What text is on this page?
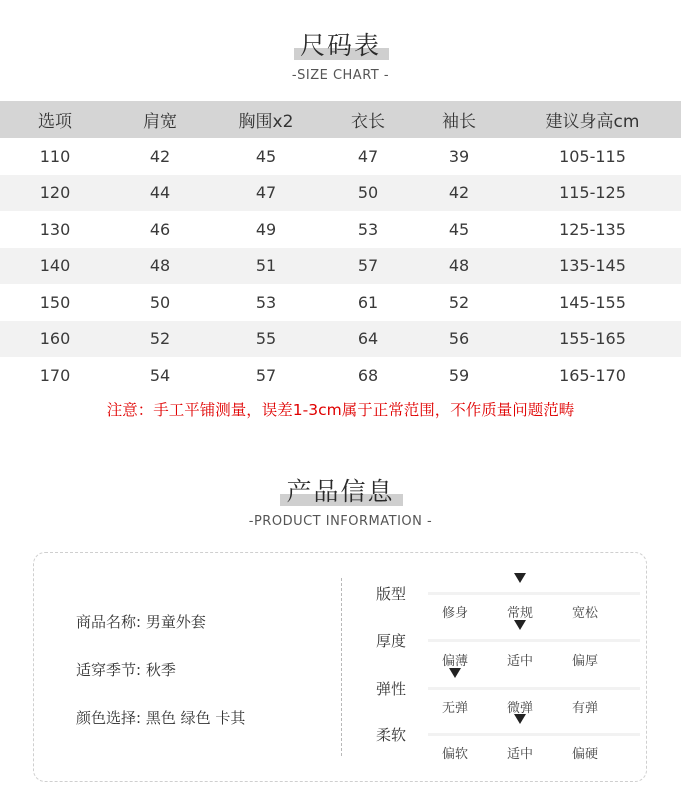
尺码表
-SIZE CHART -
选项	肩宽	胸围x2	衣长	袖长	建议身高cm
110	42	45	47	39	105-115
120	44	47	50	42	115-125
130	46	49	53	45	125-135
140	48	51	57	48	135-145
150	50	53	61	52	145-155
160	52	55	64	56	155-165
170	54	57	68	59	165-170
注意：手工平铺测量，误差1-3cm属于正常范围，不作质量问题范畴
产品信息
-PRODUCT INFORMATION -
商品名称: 男童外套
适穿季节: 秋季
颜色选择: 黑色 绿色 卡其
版型
修身	常规	宽松
厚度
偏薄	适中	偏厚
弹性
无弹	微弹	有弹
柔软
偏软	适中	偏硬
